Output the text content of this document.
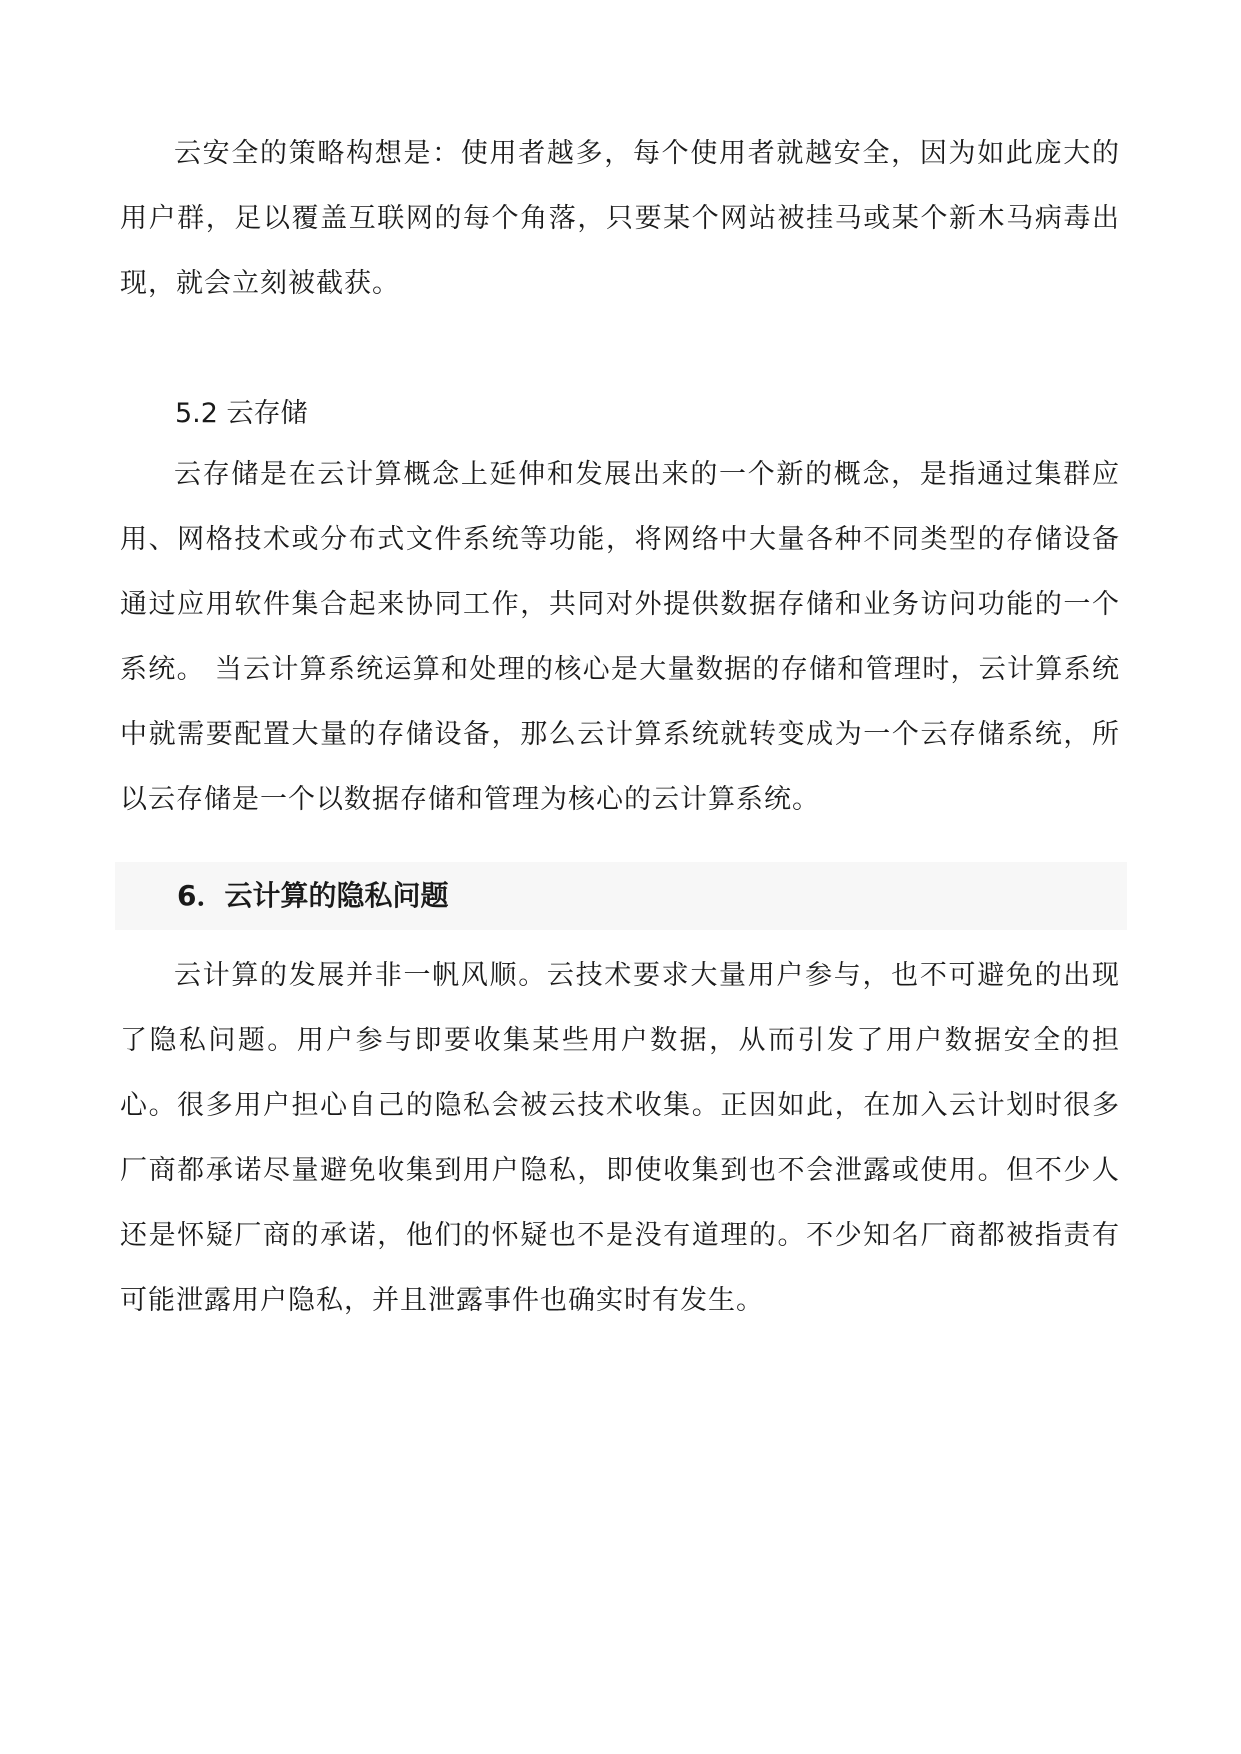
云安全的策略构想是：使用者越多，每个使用者就越安全，因为如此庞大的用户群，足以覆盖互联网的每个角落，只要某个网站被挂马或某个新木马病毒出现，就会立刻被截获。

5.2 云存储

云存储是在云计算概念上延伸和发展出来的一个新的概念，是指通过集群应用、网格技术或分布式文件系统等功能，将网络中大量各种不同类型的存储设备通过应用软件集合起来协同工作，共同对外提供数据存储和业务访问功能的一个系统。 当云计算系统运算和处理的核心是大量数据的存储和管理时，云计算系统中就需要配置大量的存储设备，那么云计算系统就转变成为一个云存储系统，所以云存储是一个以数据存储和管理为核心的云计算系统。

6．云计算的隐私问题

云计算的发展并非一帆风顺。云技术要求大量用户参与，也不可避免的出现了隐私问题。用户参与即要收集某些用户数据，从而引发了用户数据安全的担心。很多用户担心自己的隐私会被云技术收集。正因如此，在加入云计划时很多厂商都承诺尽量避免收集到用户隐私，即使收集到也不会泄露或使用。但不少人还是怀疑厂商的承诺，他们的怀疑也不是没有道理的。不少知名厂商都被指责有可能泄露用户隐私，并且泄露事件也确实时有发生。
